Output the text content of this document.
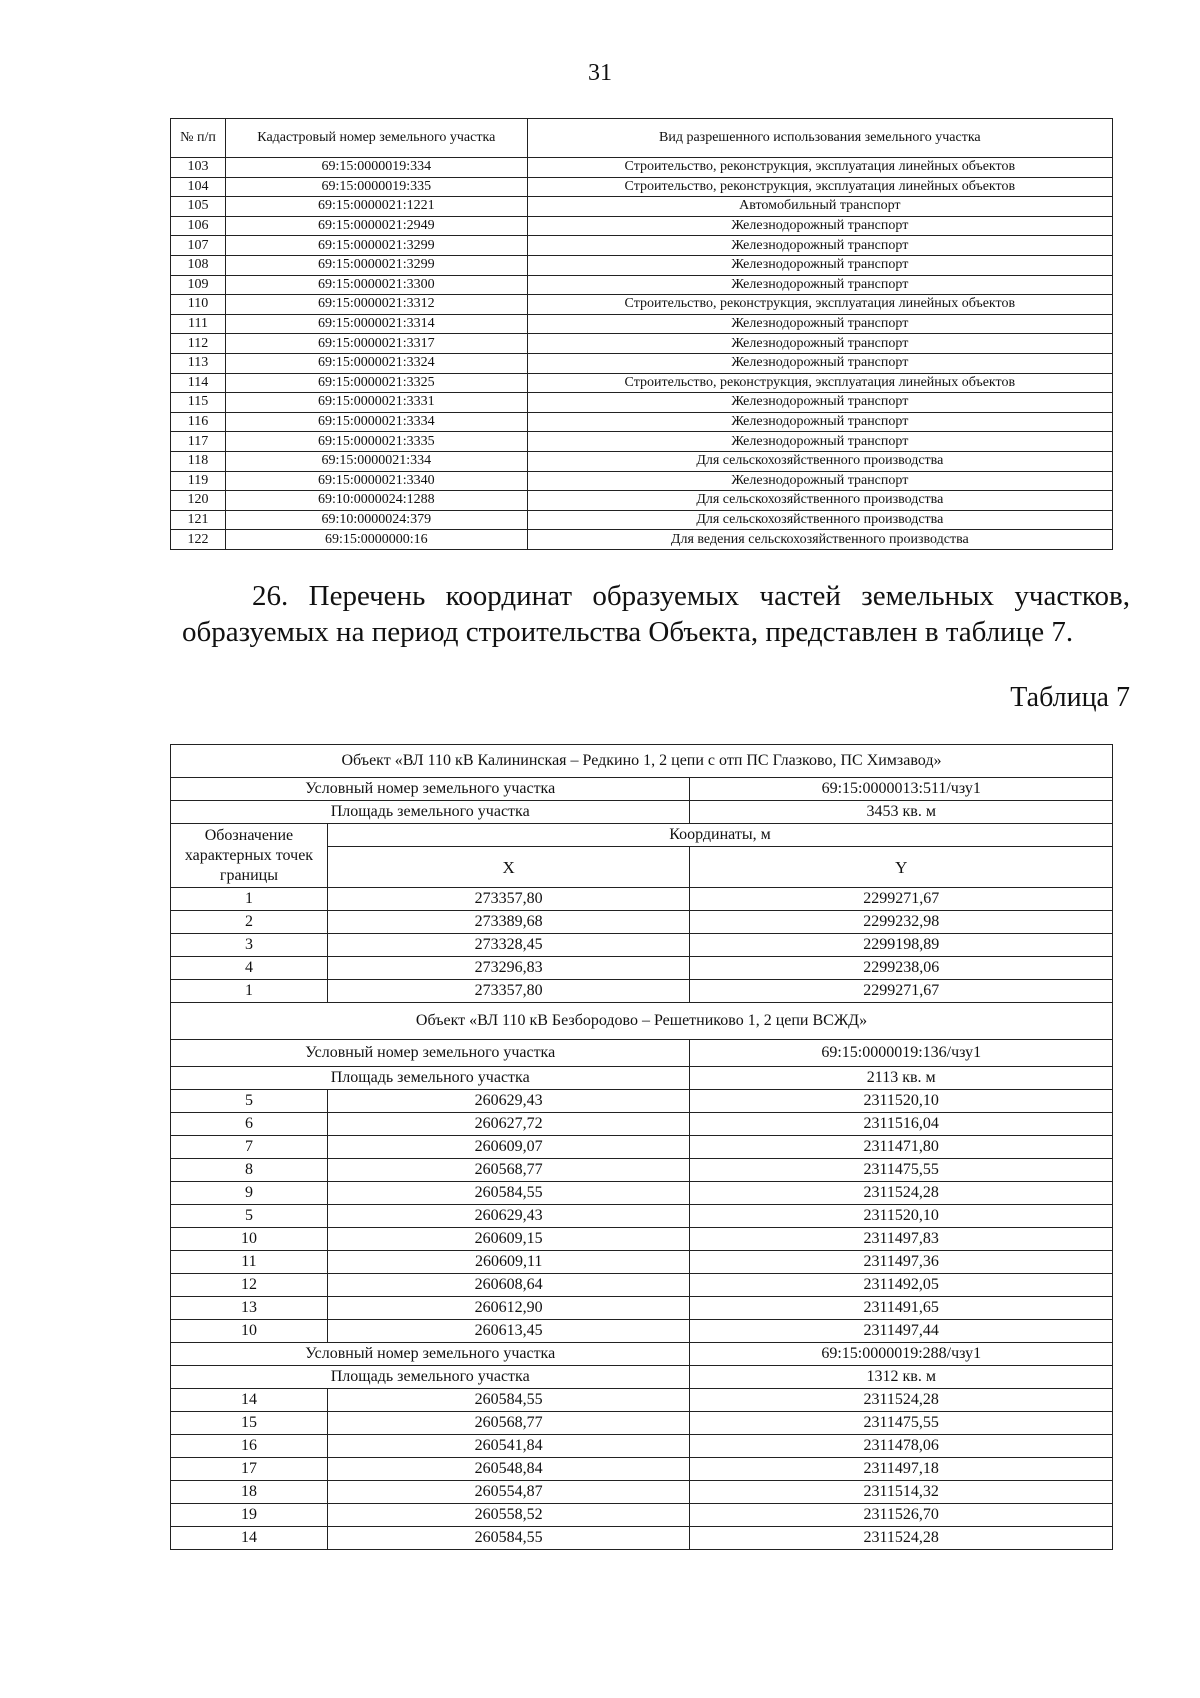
31
№ п/п	Кадастровый номер земельного участка	Вид разрешенного использования земельного участка
103	69:15:0000019:334	Строительство, реконструкция, эксплуатация линейных объектов
104	69:15:0000019:335	Строительство, реконструкция, эксплуатация линейных объектов
105	69:15:0000021:1221	Автомобильный транспорт
106	69:15:0000021:2949	Железнодорожный транспорт
107	69:15:0000021:3299	Железнодорожный транспорт
108	69:15:0000021:3299	Железнодорожный транспорт
109	69:15:0000021:3300	Железнодорожный транспорт
110	69:15:0000021:3312	Строительство, реконструкция, эксплуатация линейных объектов
111	69:15:0000021:3314	Железнодорожный транспорт
112	69:15:0000021:3317	Железнодорожный транспорт
113	69:15:0000021:3324	Железнодорожный транспорт
114	69:15:0000021:3325	Строительство, реконструкция, эксплуатация линейных объектов
115	69:15:0000021:3331	Железнодорожный транспорт
116	69:15:0000021:3334	Железнодорожный транспорт
117	69:15:0000021:3335	Железнодорожный транспорт
118	69:15:0000021:334	Для сельскохозяйственного производства
119	69:15:0000021:3340	Железнодорожный транспорт
120	69:10:0000024:1288	Для сельскохозяйственного производства
121	69:10:0000024:379	Для сельскохозяйственного производства
122	69:15:0000000:16	Для ведения сельскохозяйственного производства
26. Перечень координат образуемых частей земельных участков, образуемых на период строительства Объекта, представлен в таблице 7.
Таблица 7
Объект «ВЛ 110 кВ Калининская – Редкино 1, 2 цепи с отп ПС Глазково, ПС Химзавод»		
Условный номер земельного участка		69:15:0000013:511/чзу1
Площадь земельного участка		3453 кв. м
Обозначение характерных точек границы	Координаты, м	
	X	Y
1	273357,80	2299271,67
2	273389,68	2299232,98
3	273328,45	2299198,89
4	273296,83	2299238,06
1	273357,80	2299271,67
Объект «ВЛ 110 кВ Безбородово – Решетниково 1, 2 цепи ВСЖД»		
Условный номер земельного участка		69:15:0000019:136/чзу1
Площадь земельного участка		2113 кв. м
5	260629,43	2311520,10
6	260627,72	2311516,04
7	260609,07	2311471,80
8	260568,77	2311475,55
9	260584,55	2311524,28
5	260629,43	2311520,10
10	260609,15	2311497,83
11	260609,11	2311497,36
12	260608,64	2311492,05
13	260612,90	2311491,65
10	260613,45	2311497,44
Условный номер земельного участка		69:15:0000019:288/чзу1
Площадь земельного участка		1312 кв. м
14	260584,55	2311524,28
15	260568,77	2311475,55
16	260541,84	2311478,06
17	260548,84	2311497,18
18	260554,87	2311514,32
19	260558,52	2311526,70
14	260584,55	2311524,28
